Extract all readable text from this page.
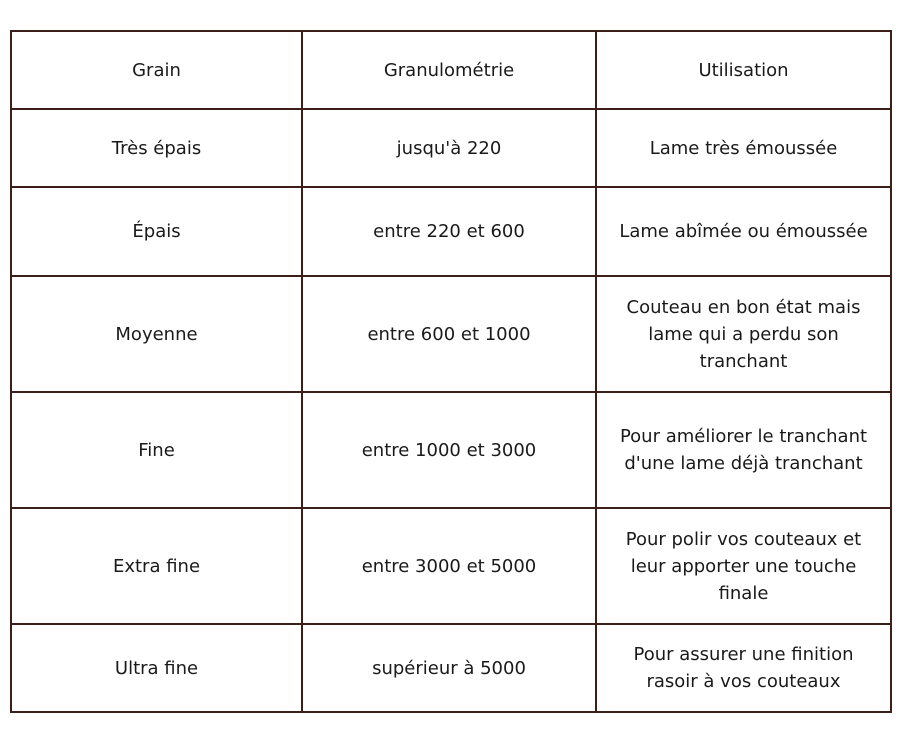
Grain	Granulométrie	Utilisation
Très épais	jusqu'à 220	Lame très émoussée
Épais	entre 220 et 600	Lame abîmée ou émoussée
Moyenne	entre 600 et 1000	Couteau en bon état mais lame qui a perdu son tranchant
Fine	entre 1000 et 3000	Pour améliorer le tranchant d'une lame déjà tranchant
Extra fine	entre 3000 et 5000	Pour polir vos couteaux et leur apporter une touche finale
Ultra fine	supérieur à 5000	Pour assurer une finition rasoir à vos couteaux
